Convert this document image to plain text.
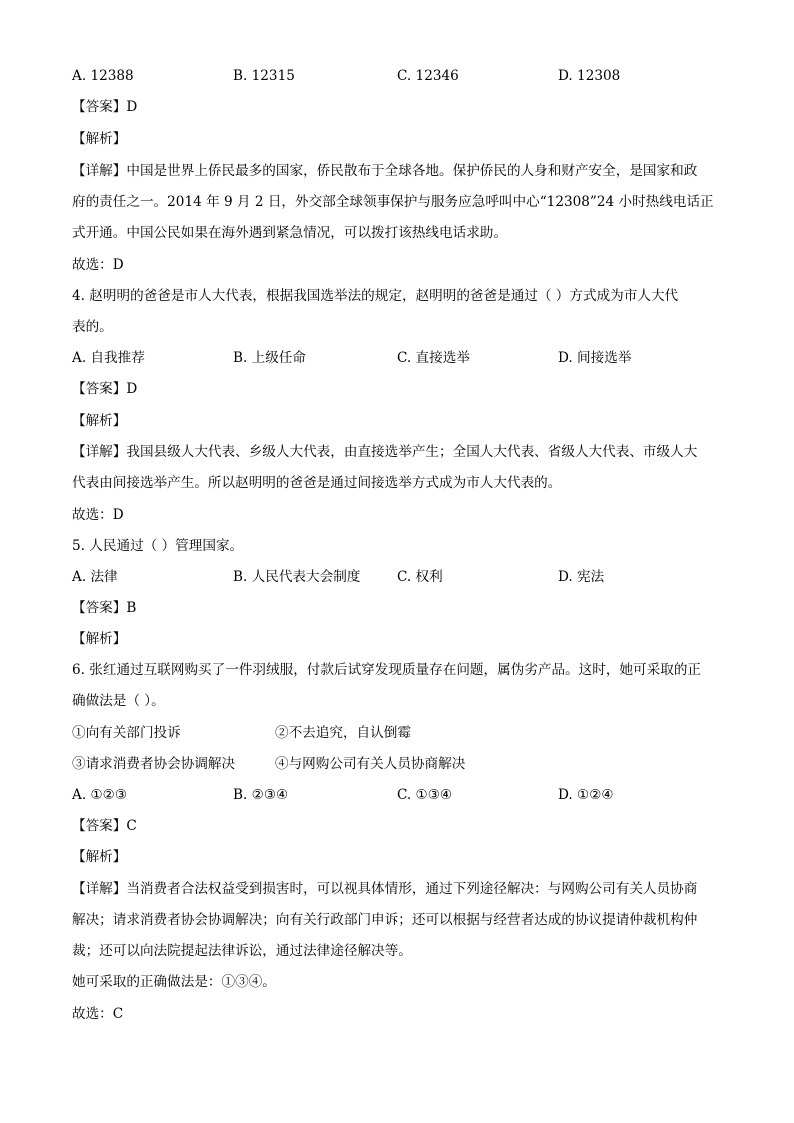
A. 12388	B. 12315	C. 12346	D. 12308
【答案】D
【解析】
【详解】中国是世界上侨民最多的国家，侨民散布于全球各地。保护侨民的人身和财产安全，是国家和政
府的责任之一。2014 年 9 月 2 日，外交部全球领事保护与服务应急呼叫中心“12308”24 小时热线电话正
式开通。中国公民如果在海外遇到紧急情况，可以拨打该热线电话求助。
故选：D
4. 赵明明的爸爸是市人大代表，根据我国选举法的规定，赵明明的爸爸是通过（ ）方式成为市人大代
表的。
A. 自我推荐	B. 上级任命	C. 直接选举	D. 间接选举
【答案】D
【解析】
【详解】我国县级人大代表、乡级人大代表，由直接选举产生；全国人大代表、省级人大代表、市级人大
代表由间接选举产生。所以赵明明的爸爸是通过间接选举方式成为市人大代表的。
故选：D
5. 人民通过（ ）管理国家。
A. 法律	B. 人民代表大会制度	C. 权利	D. 宪法
【答案】B
【解析】
6. 张红通过互联网购买了一件羽绒服，付款后试穿发现质量存在问题，属伪劣产品。这时，她可采取的正
确做法是（ ）。
①向有关部门投诉	②不去追究，自认倒霉
③请求消费者协会协调解决	④与网购公司有关人员协商解决
A. ①②③	B. ②③④	C. ①③④	D. ①②④
【答案】C
【解析】
【详解】当消费者合法权益受到损害时，可以视具体情形，通过下列途径解决：与网购公司有关人员协商
解决；请求消费者协会协调解决；向有关行政部门申诉；还可以根据与经营者达成的协议提请仲裁机构仲
裁；还可以向法院提起法律诉讼，通过法律途径解决等。
她可采取的正确做法是：①③④。
故选：C
